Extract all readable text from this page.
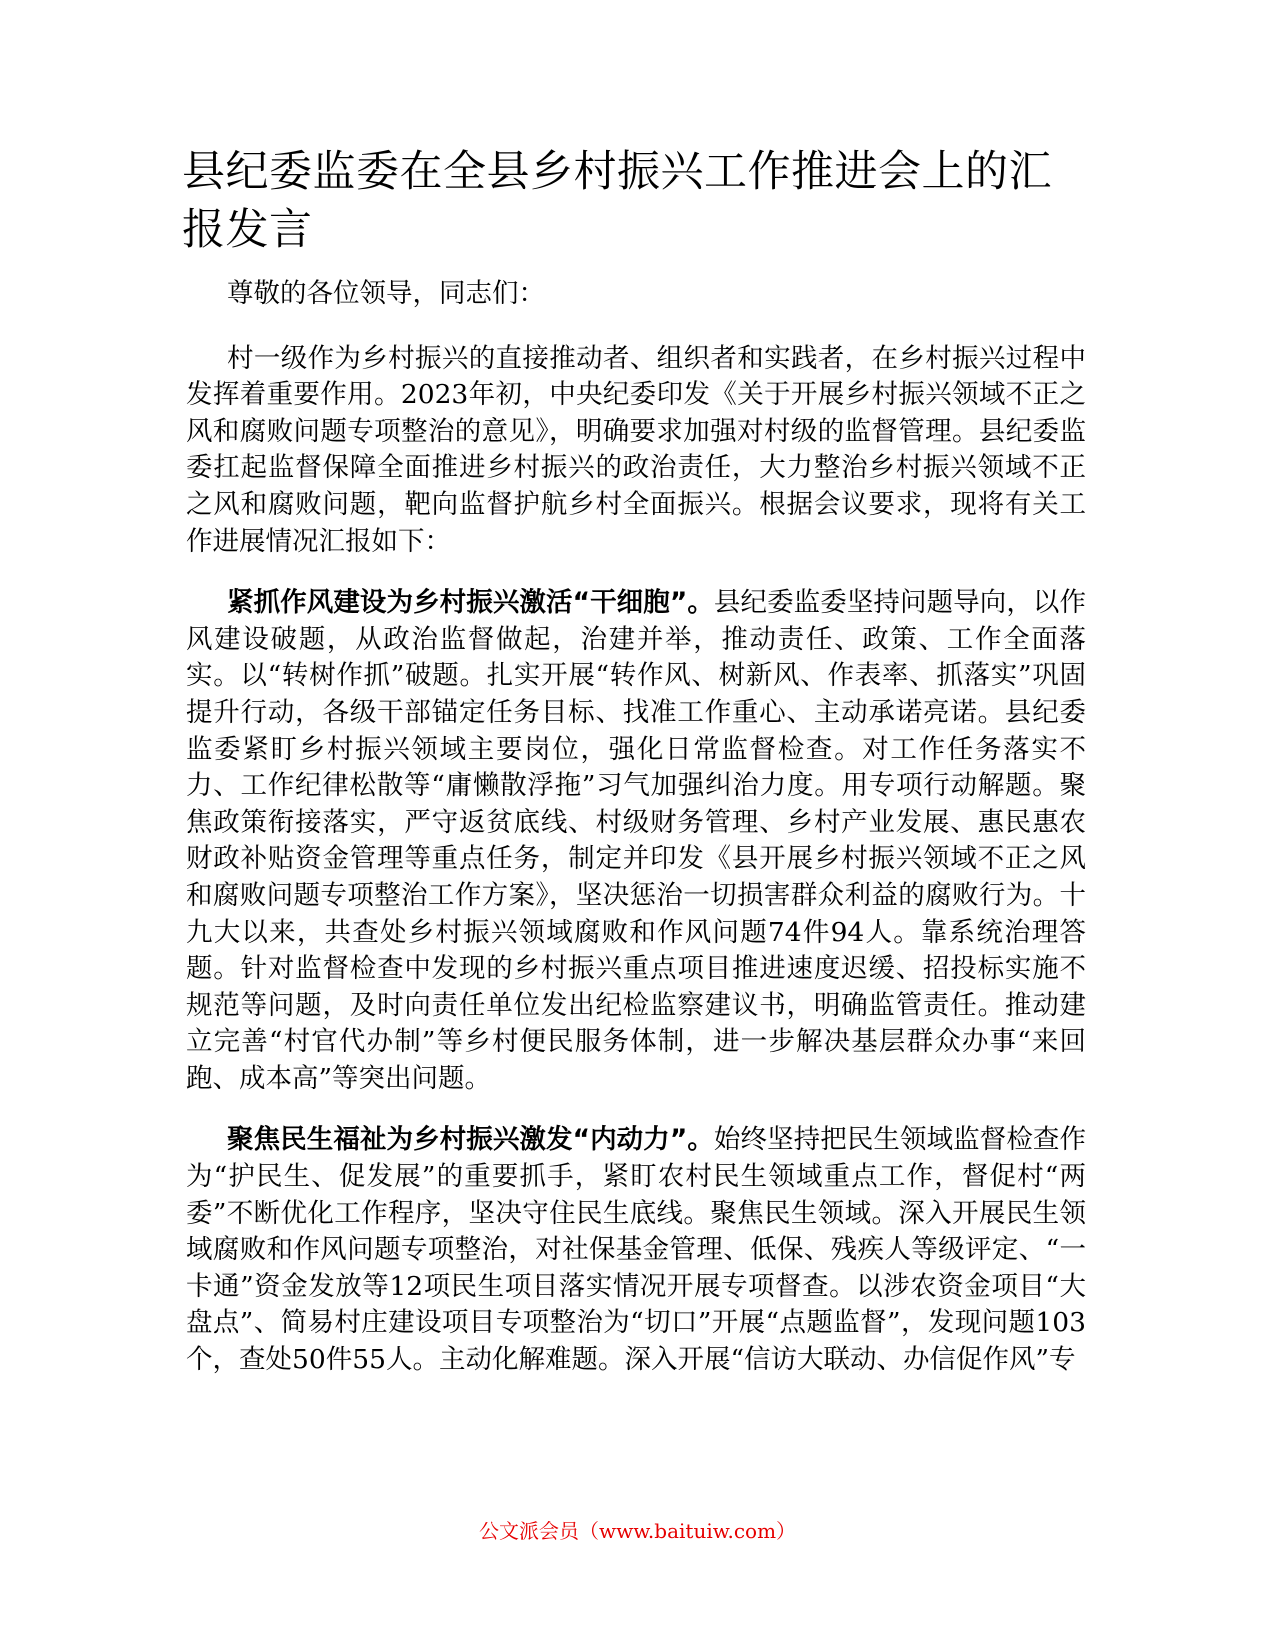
县纪委监委在全县乡村振兴工作推进会上的汇报发言

尊敬的各位领导，同志们：

村一级作为乡村振兴的直接推动者、组织者和实践者，在乡村振兴过程中发挥着重要作用。2023年初，中央纪委印发《关于开展乡村振兴领域不正之风和腐败问题专项整治的意见》，明确要求加强对村级的监督管理。县纪委监委扛起监督保障全面推进乡村振兴的政治责任，大力整治乡村振兴领域不正之风和腐败问题，靶向监督护航乡村全面振兴。根据会议要求，现将有关工作进展情况汇报如下：

紧抓作风建设为乡村振兴激活“干细胞”。县纪委监委坚持问题导向，以作风建设破题，从政治监督做起，治建并举，推动责任、政策、工作全面落实。以“转树作抓”破题。扎实开展“转作风、树新风、作表率、抓落实”巩固提升行动，各级干部锚定任务目标、找准工作重心、主动承诺亮诺。县纪委监委紧盯乡村振兴领域主要岗位，强化日常监督检查。对工作任务落实不力、工作纪律松散等“庸懒散浮拖”习气加强纠治力度。用专项行动解题。聚焦政策衔接落实，严守返贫底线、村级财务管理、乡村产业发展、惠民惠农财政补贴资金管理等重点任务，制定并印发《县开展乡村振兴领域不正之风和腐败问题专项整治工作方案》，坚决惩治一切损害群众利益的腐败行为。十九大以来，共查处乡村振兴领域腐败和作风问题74件94人。靠系统治理答题。针对监督检查中发现的乡村振兴重点项目推进速度迟缓、招投标实施不规范等问题，及时向责任单位发出纪检监察建议书，明确监管责任。推动建立完善“村官代办制”等乡村便民服务体制，进一步解决基层群众办事“来回跑、成本高”等突出问题。

聚焦民生福祉为乡村振兴激发“内动力”。始终坚持把民生领域监督检查作为“护民生、促发展”的重要抓手，紧盯农村民生领域重点工作，督促村“两委”不断优化工作程序，坚决守住民生底线。聚焦民生领域。深入开展民生领域腐败和作风问题专项整治，对社保基金管理、低保、残疾人等级评定、“一卡通”资金发放等12项民生项目落实情况开展专项督查。以涉农资金项目“大盘点”、简易村庄建设项目专项整治为“切口”开展“点题监督”，发现问题103个，查处50件55人。主动化解难题。深入开展“信访大联动、办信促作风”专

公文派会员（www.baituiw.com）
